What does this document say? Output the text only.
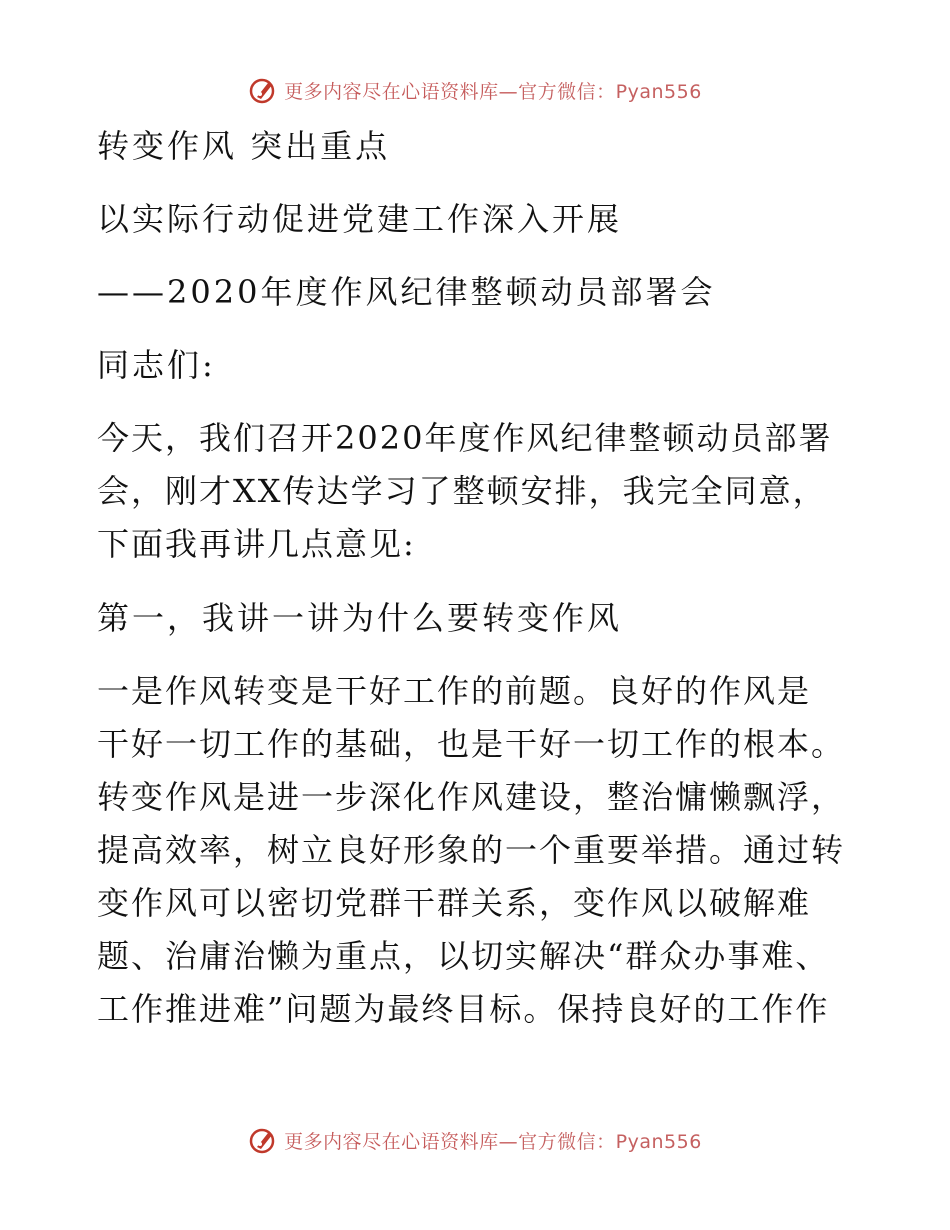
更多内容尽在心语资料库—官方微信：Pyan556
转变作风 突出重点
以实际行动促进党建工作深入开展
——2020年度作风纪律整顿动员部署会
同志们:
今天，我们召开2020年度作风纪律整顿动员部署
会，刚才XX传达学习了整顿安排，我完全同意，
下面我再讲几点意见:
第一，我讲一讲为什么要转变作风
一是作风转变是干好工作的前题。良好的作风是
干好一切工作的基础，也是干好一切工作的根本。
转变作风是进一步深化作风建设，整治慵懒飘浮，
提高效率，树立良好形象的一个重要举措。通过转
变作风可以密切党群干群关系，变作风以破解难
题、治庸治懒为重点，以切实解决“群众办事难、
工作推进难”问题为最终目标。保持良好的工作作
更多内容尽在心语资料库—官方微信：Pyan556
